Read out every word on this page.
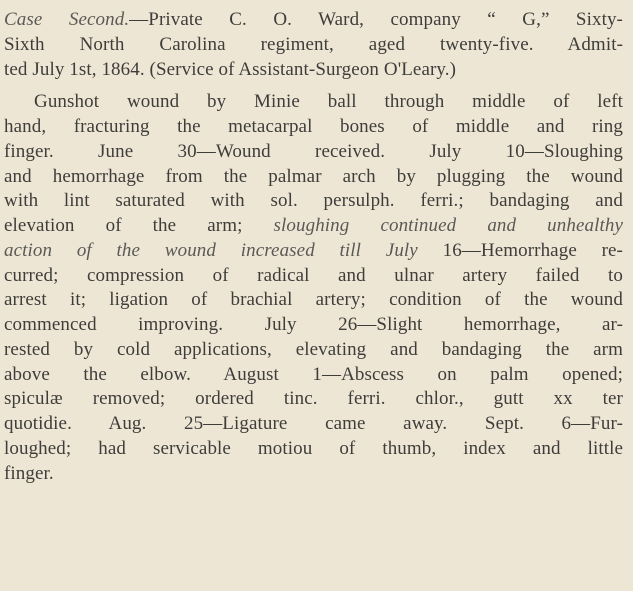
Case Second.—Private C. O. Ward, company “ G,” Sixty-
Sixth North Carolina regiment, aged twenty-five. Admit-
ted July 1st, 1864. (Service of Assistant-Surgeon O'Leary.)
Gunshot wound by Minie ball through middle of left
hand, fracturing the metacarpal bones of middle and ring
finger. June 30—Wound received. July 10—Sloughing
and hemorrhage from the palmar arch by plugging the wound
with lint saturated with sol. persulph. ferri.; bandaging and
elevation of the arm; sloughing continued and unhealthy
action of the wound increased till July 16—Hemorrhage re-
curred; compression of radical and ulnar artery failed to
arrest it; ligation of brachial artery; condition of the wound
commenced improving. July 26—Slight hemorrhage, ar-
rested by cold applications, elevating and bandaging the arm
above the elbow. August 1—Abscess on palm opened;
spiculæ removed; ordered tinc. ferri. chlor., gutt xx ter
quotidie. Aug. 25—Ligature came away. Sept. 6—Fur-
loughed; had servicable motiou of thumb, index and little
finger.
